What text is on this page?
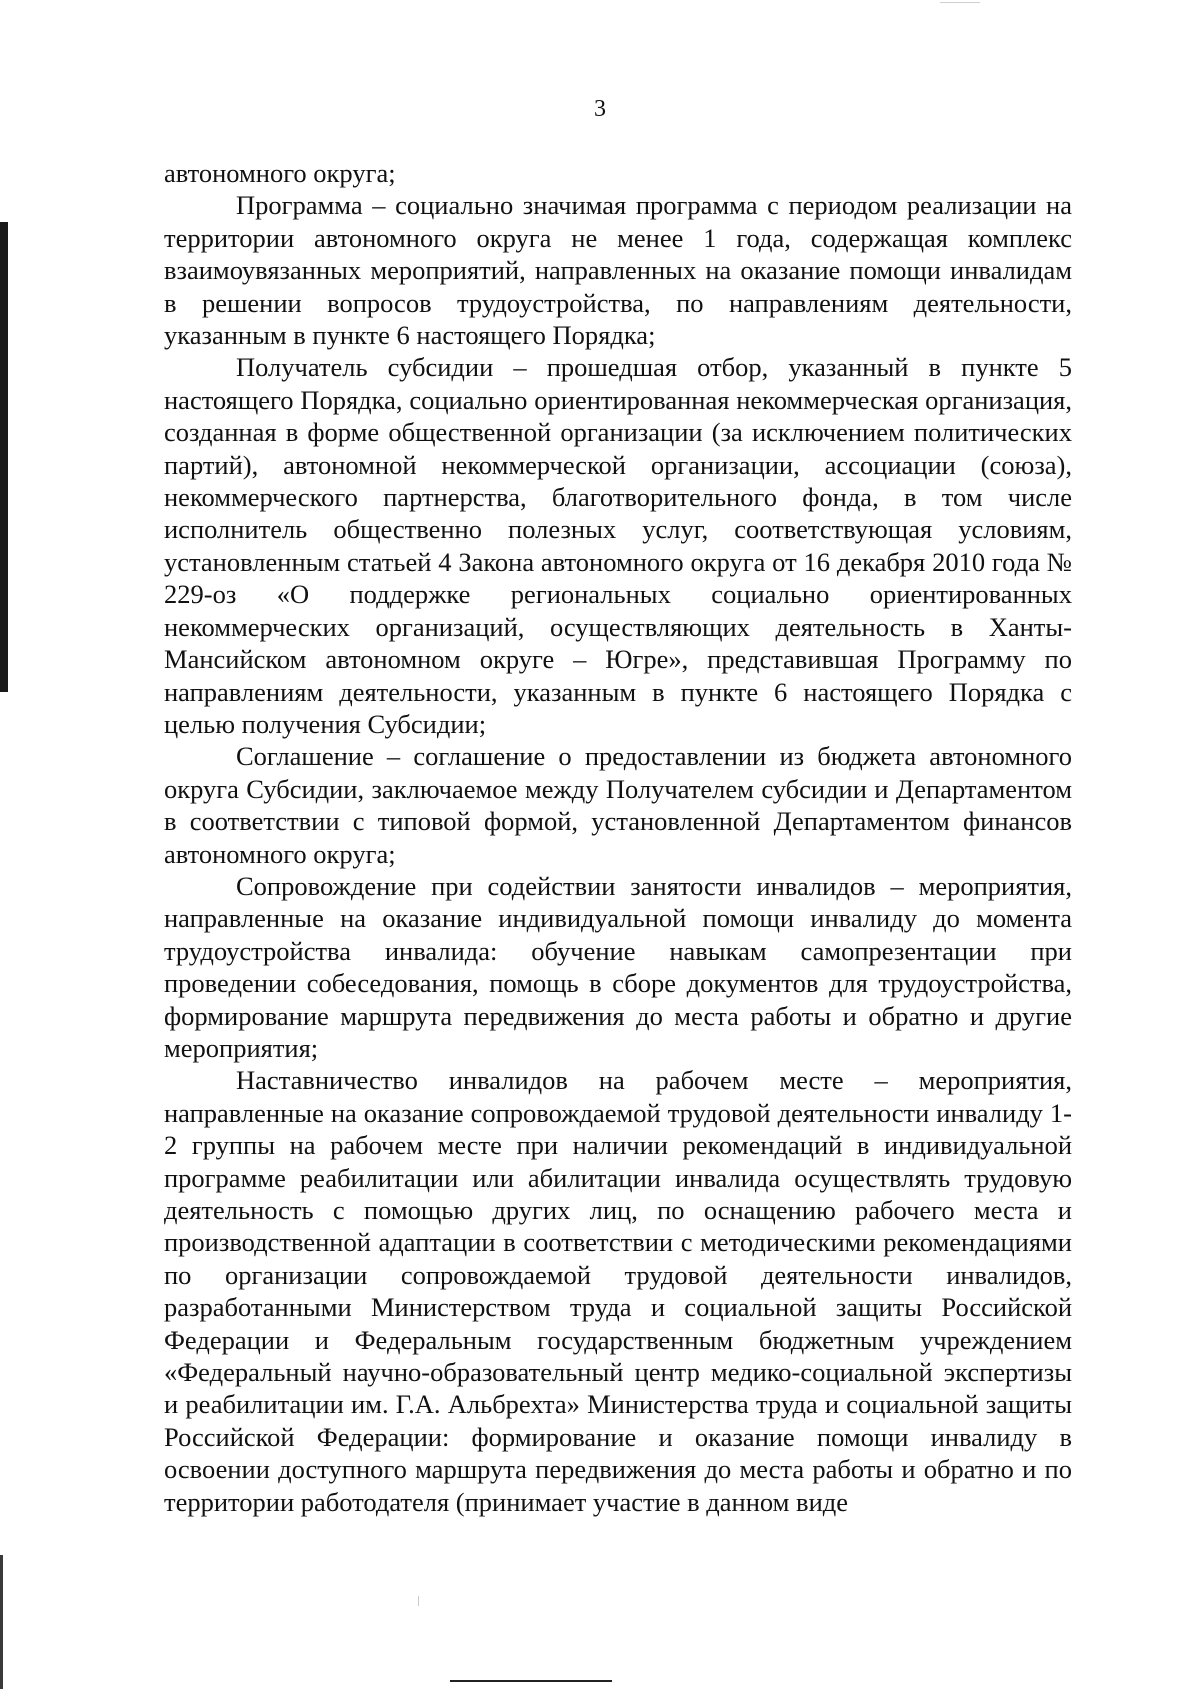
3

автономного округа;

Программа – социально значимая программа с периодом реализации на территории автономного округа не менее 1 года, содержащая комплекс взаимоувязанных мероприятий, направленных на оказание помощи инвалидам в решении вопросов трудоустройства, по направлениям деятельности, указанным в пункте 6 настоящего Порядка;

Получатель субсидии – прошедшая отбор, указанный в пункте 5 настоящего Порядка, социально ориентированная некоммерческая организация, созданная в форме общественной организации (за исключением политических партий), автономной некоммерческой организации, ассоциации (союза), некоммерческого партнерства, благотворительного фонда, в том числе исполнитель общественно полезных услуг, соответствующая условиям, установленным статьей 4 Закона автономного округа от 16 декабря 2010 года № 229-оз «О поддержке региональных социально ориентированных некоммерческих организаций, осуществляющих деятельность в Ханты-Мансийском автономном округе – Югре», представившая Программу по направлениям деятельности, указанным в пункте 6 настоящего Порядка с целью получения Субсидии;

Соглашение – соглашение о предоставлении из бюджета автономного округа Субсидии, заключаемое между Получателем субсидии и Департаментом в соответствии с типовой формой, установленной Департаментом финансов автономного округа;

Сопровождение при содействии занятости инвалидов – мероприятия, направленные на оказание индивидуальной помощи инвалиду до момента трудоустройства инвалида: обучение навыкам самопрезентации при проведении собеседования, помощь в сборе документов для трудоустройства, формирование маршрута передвижения до места работы и обратно и другие мероприятия;

Наставничество инвалидов на рабочем месте – мероприятия, направленные на оказание сопровождаемой трудовой деятельности инвалиду 1-2 группы на рабочем месте при наличии рекомендаций в индивидуальной программе реабилитации или абилитации инвалида осуществлять трудовую деятельность с помощью других лиц, по оснащению рабочего места и производственной адаптации в соответствии с методическими рекомендациями по организации сопровождаемой трудовой деятельности инвалидов, разработанными Министерством труда и социальной защиты Российской Федерации и Федеральным государственным бюджетным учреждением «Федеральный научно-образовательный центр медико-социальной экспертизы и реабилитации им. Г.А. Альбрехта» Министерства труда и социальной защиты Российской Федерации: формирование и оказание помощи инвалиду в освоении доступного маршрута передвижения до места работы и обратно и по территории работодателя (принимает участие в данном виде
